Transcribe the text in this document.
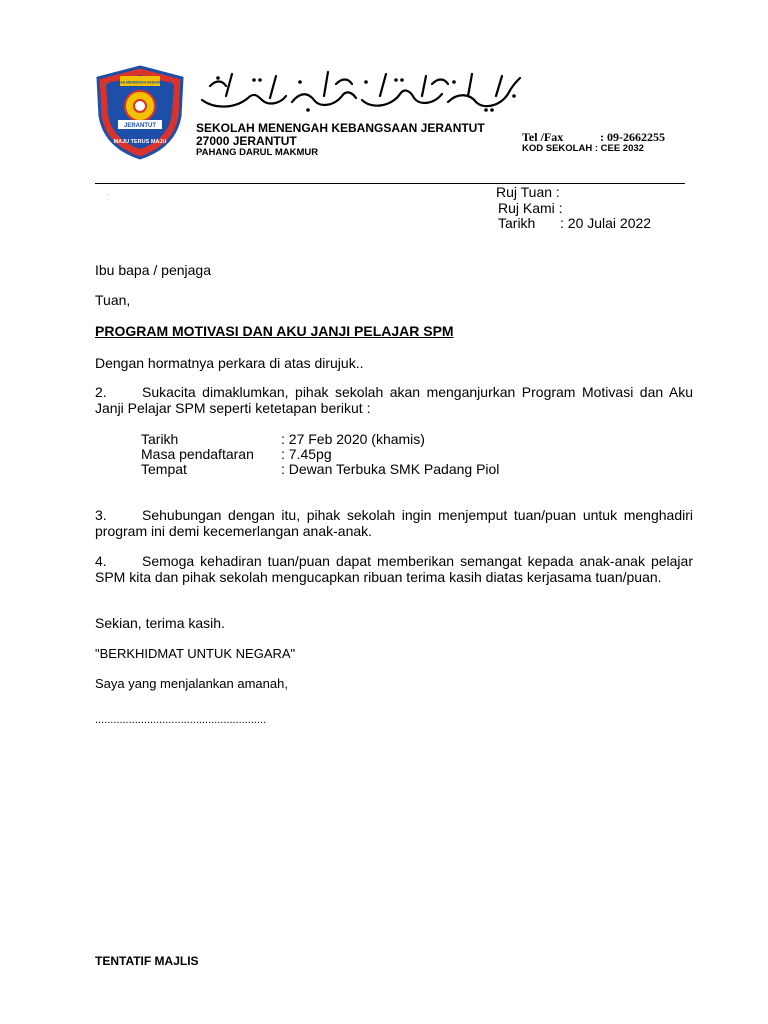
JERANTUT
MAJU TERUS MAJU
SEKOLAH MENENGAH KEBANGSAAN
SEKOLAH MENENGAH KEBANGSAAN JERANTUT
27000 JERANTUT
PAHANG DARUL MAKMUR
Tel /Fax	: 09-2662255
KOD SEKOLAH : CEE 2032
·	Ruj Tuan :
Ruj Kami :
Tarikh : 20 Julai 2022
Ibu bapa / penjaga
Tuan,
PROGRAM MOTIVASI DAN AKU JANJI PELAJAR SPM
Dengan hormatnya perkara di atas dirujuk..
2.	Sukacita dimaklumkan, pihak sekolah akan menganjurkan Program Motivasi dan Aku Janji Pelajar SPM seperti ketetapan berikut :
Tarikh	: 27 Feb 2020 (khamis)
Masa pendaftaran : 7.45pg
Tempat	: Dewan Terbuka SMK Padang Piol
3.	Sehubungan dengan itu, pihak sekolah ingin menjemput tuan/puan untuk menghadiri program ini demi kecemerlangan anak-anak.
4.	Semoga kehadiran tuan/puan dapat memberikan semangat kepada anak-anak pelajar SPM kita dan pihak sekolah mengucapkan ribuan terima kasih diatas kerjasama tuan/puan.
Sekian, terima kasih.
"BERKHIDMAT UNTUK NEGARA"
Saya yang menjalankan amanah,
........................................................
TENTATIF MAJLIS
